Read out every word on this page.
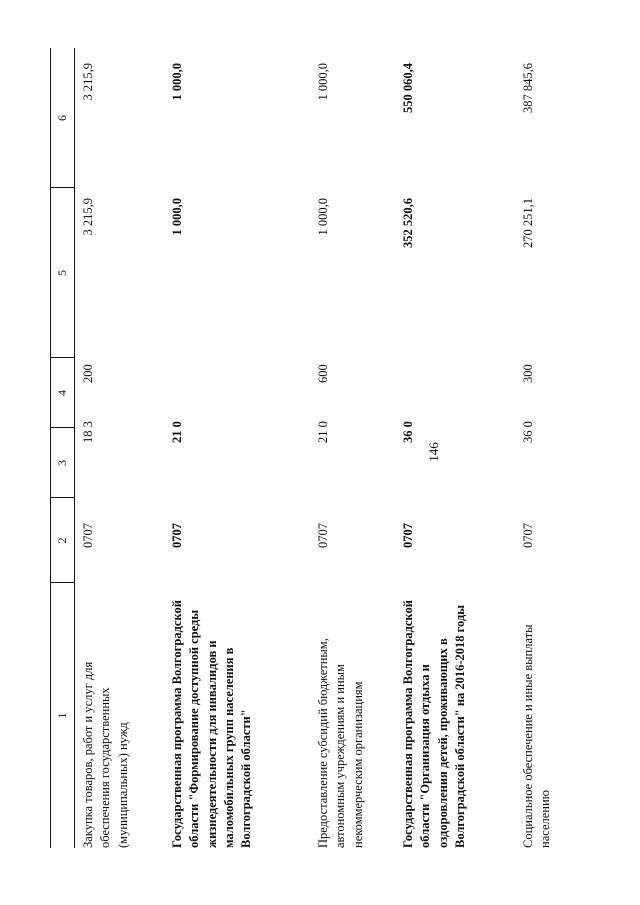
146
1
2
3
4
5
6
Закупка товаров, работ и услуг для обеспечения государственных (муниципальных) нужд
0707
18 3
200
3 215,9
3 215,9
Государственная программа Волгоградской области "Формирование доступной среды жизнедеятельности для инвалидов и маломобильных групп населения в Волгоградской области"
0707
21 0
1 000,0
1 000,0
Предоставление субсидий бюджетным, автономным учреждениям и иным некоммерческим организациям
0707
21 0
600
1 000,0
1 000,0
Государственная программа Волгоградской области "Организация отдыха и оздоровления детей, проживающих в Волгоградской области" на 2016-2018 годы
0707
36 0
352 520,6
550 060,4
Социальное обеспечение и иные выплаты населению
0707
36 0
300
270 251,1
387 845,6
